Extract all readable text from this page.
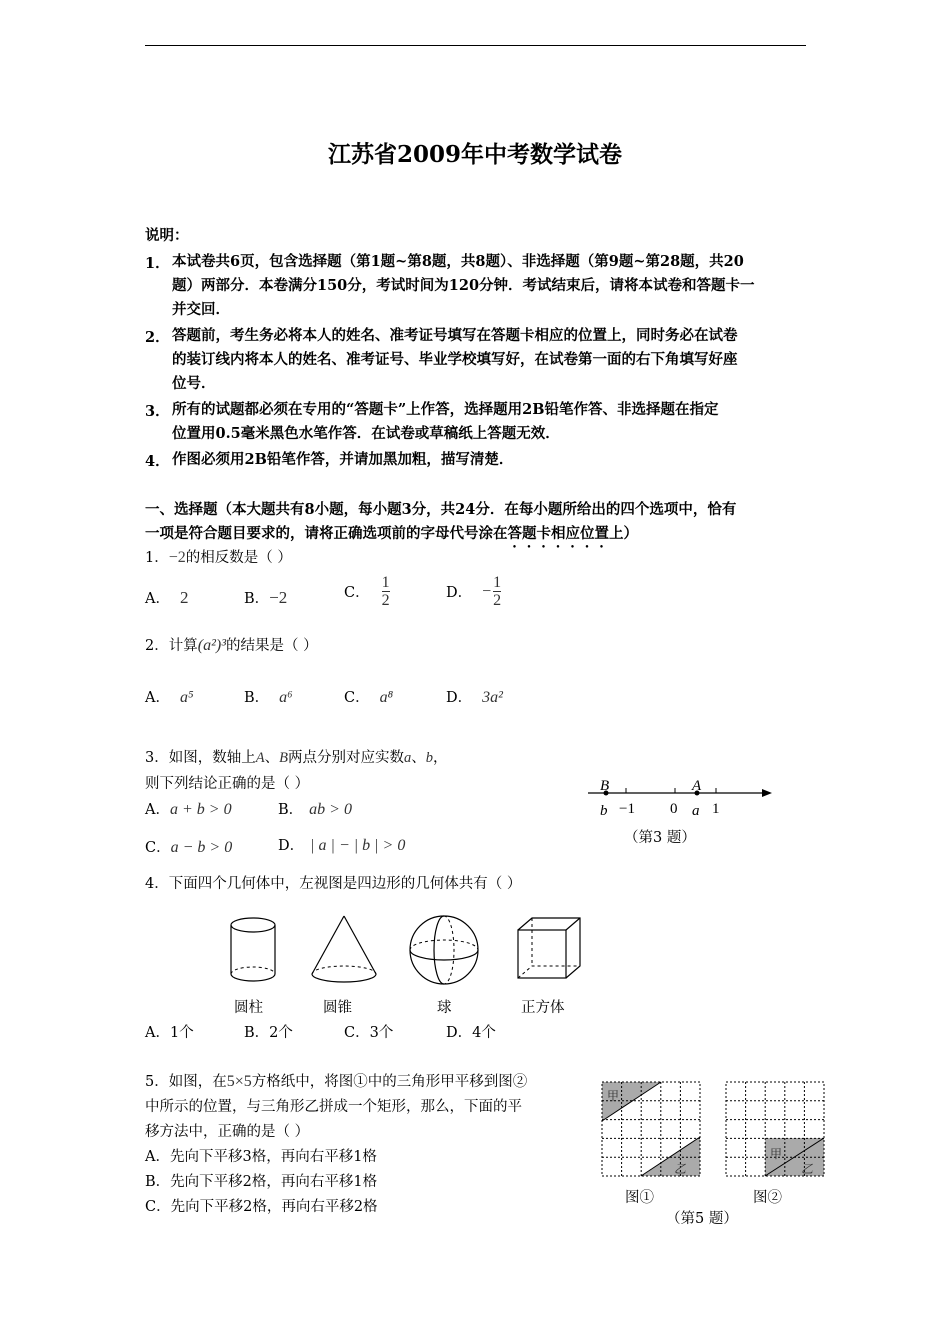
江苏省2009年中考数学试卷
说明：
1． 本试卷共6页，包含选择题（第1题~第8题，共8题）、非选择题（第9题~第28题，共20
题）两部分．本卷满分150分，考试时间为120分钟．考试结束后，请将本试卷和答题卡一
并交回．
2． 答题前，考生务必将本人的姓名、准考证号填写在答题卡相应的位置上，同时务必在试卷
的装订线内将本人的姓名、准考证号、毕业学校填写好，在试卷第一面的右下角填写好座
位号．
3． 所有的试题都必须在专用的“答题卡”上作答，选择题用2B铅笔作答、非选择题在指定
位置用0.5毫米黑色水笔作答．在试卷或草稿纸上答题无效．
4． 作图必须用2B铅笔作答，并请加黑加粗，描写清楚．
一、选择题（本大题共有8小题，每小题3分，共24分．在每小题所给出的四个选项中，恰有
一项是符合题目要求的，请将正确选项前的字母代号涂在答题卡相应位置上）
1．−2的相反数是（ ）
A． 2	B．−2	C． $\frac{1}{2}$	D． − $\frac{1}{2}$
2．计算(a²)³的结果是（ ）
A． a⁵	B． a⁶	C． a⁸	D． 3a²
3．如图，数轴上A、B两点分别对应实数a、b，
则下列结论正确的是（ ）
A．a + b > 0	B． ab > 0
C．a − b > 0	D． | a | − | b | > 0
B	A
b −1 0 a 1
（第3 题）
4．下面四个几何体中，左视图是四边形的几何体共有（ ）
圆柱	圆锥	球	正方体
A．1个	B．2个	C．3个	D．4个
5．如图，在5×5方格纸中，将图①中的三角形甲平移到图②
中所示的位置，与三角形乙拼成一个矩形，那么，下面的平
移方法中，正确的是（ ）
A．先向下平移3格，再向右平移1格
B．先向下平移2格，再向右平移1格
C．先向下平移2格，再向右平移2格
甲
乙
甲
乙
图①	图②
（第5 题）
